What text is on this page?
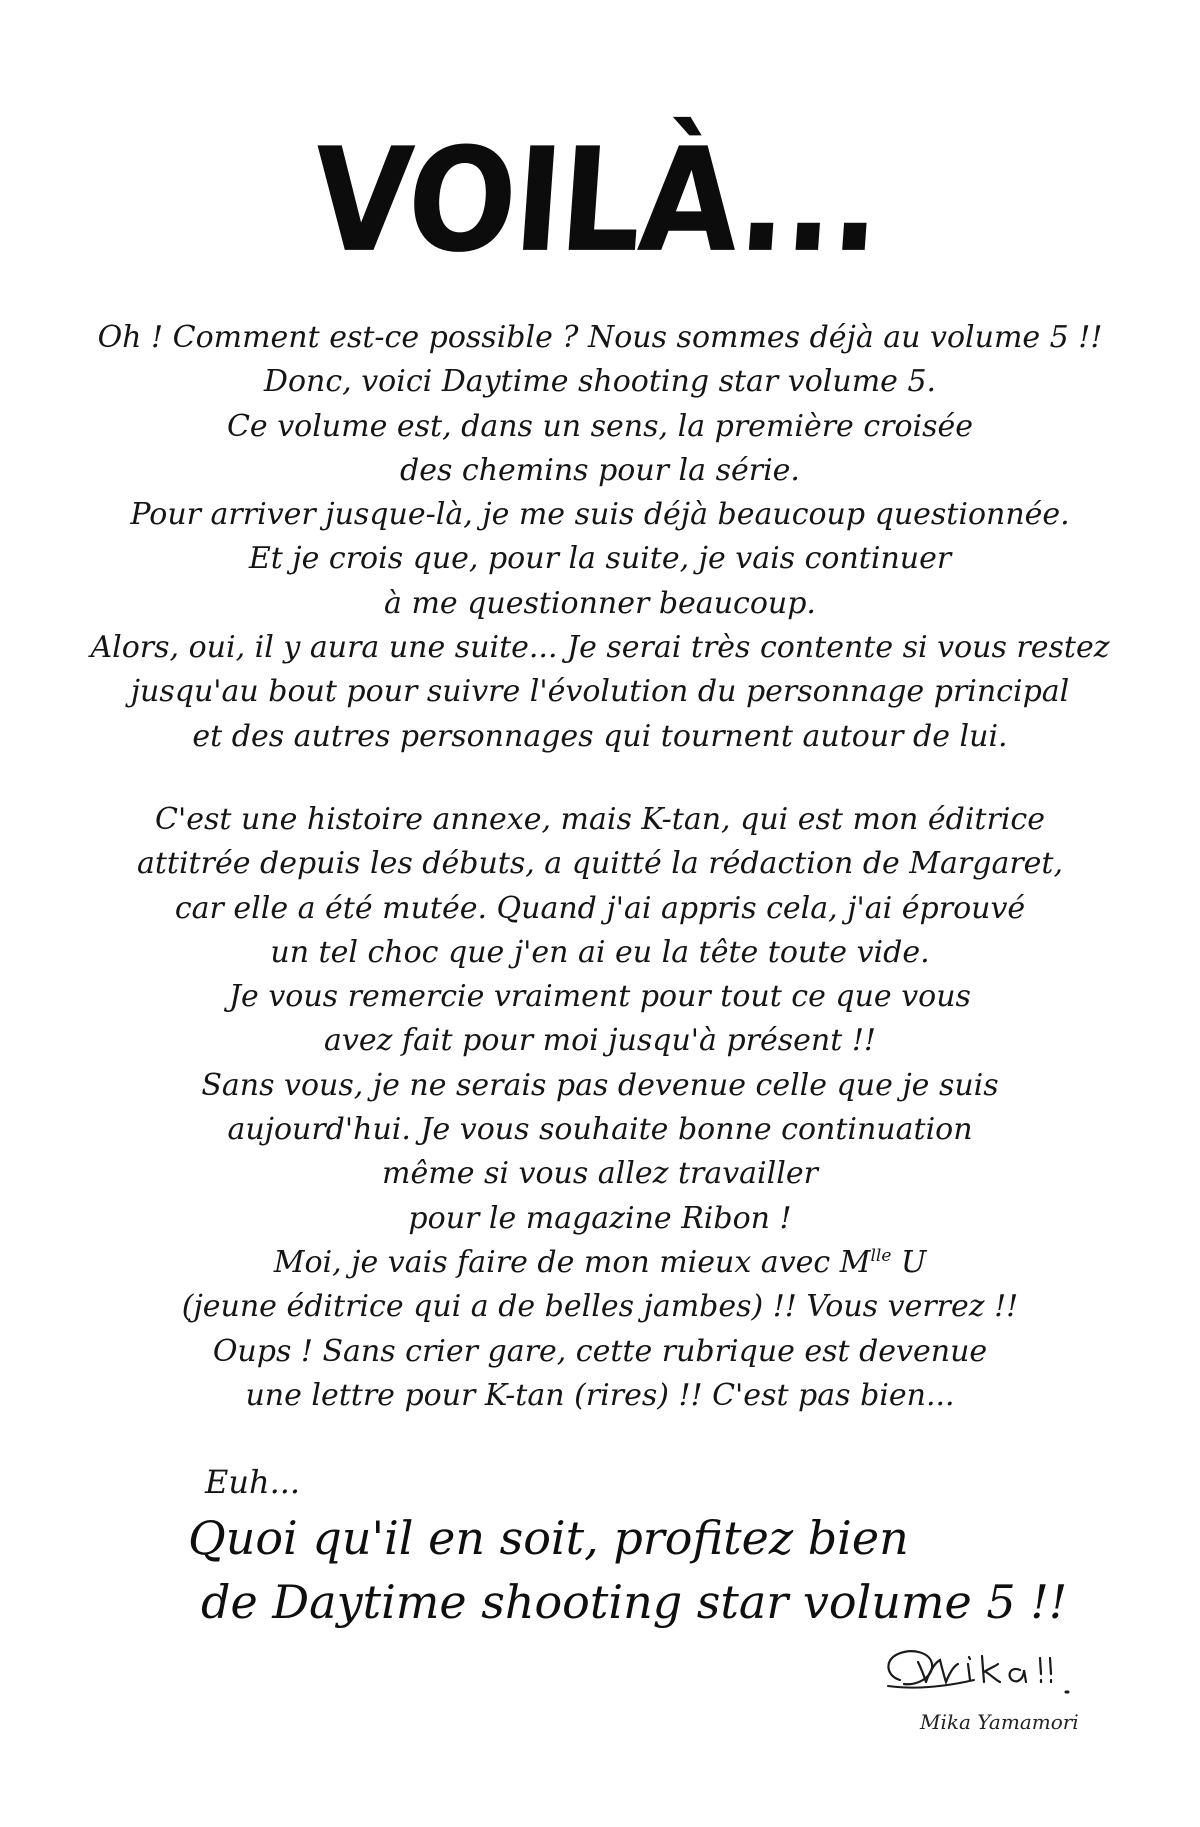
VOILÀ...
Oh ! Comment est-ce possible ? Nous sommes déjà au volume 5 !!
Donc, voici Daytime shooting star volume 5.
Ce volume est, dans un sens, la première croisée
des chemins pour la série.
Pour arriver jusque-là, je me suis déjà beaucoup questionnée.
Et je crois que, pour la suite, je vais continuer
à me questionner beaucoup.
Alors, oui, il y aura une suite... Je serai très contente si vous restez
jusqu'au bout pour suivre l'évolution du personnage principal
et des autres personnages qui tournent autour de lui.
C'est une histoire annexe, mais K-tan, qui est mon éditrice
attitrée depuis les débuts, a quitté la rédaction de Margaret,
car elle a été mutée. Quand j'ai appris cela, j'ai éprouvé
un tel choc que j'en ai eu la tête toute vide.
Je vous remercie vraiment pour tout ce que vous
avez fait pour moi jusqu'à présent !!
Sans vous, je ne serais pas devenue celle que je suis
aujourd'hui. Je vous souhaite bonne continuation
même si vous allez travailler
pour le magazine Ribon !
Moi, je vais faire de mon mieux avec $M^{lle}$ U
(jeune éditrice qui a de belles jambes) !! Vous verrez !!
Oups ! Sans crier gare, cette rubrique est devenue
une lettre pour K-tan (rires) !! C'est pas bien...
Euh...
Quoi qu'il en soit, profitez bien
de Daytime shooting star volume 5 !!
Mika Yamamori
